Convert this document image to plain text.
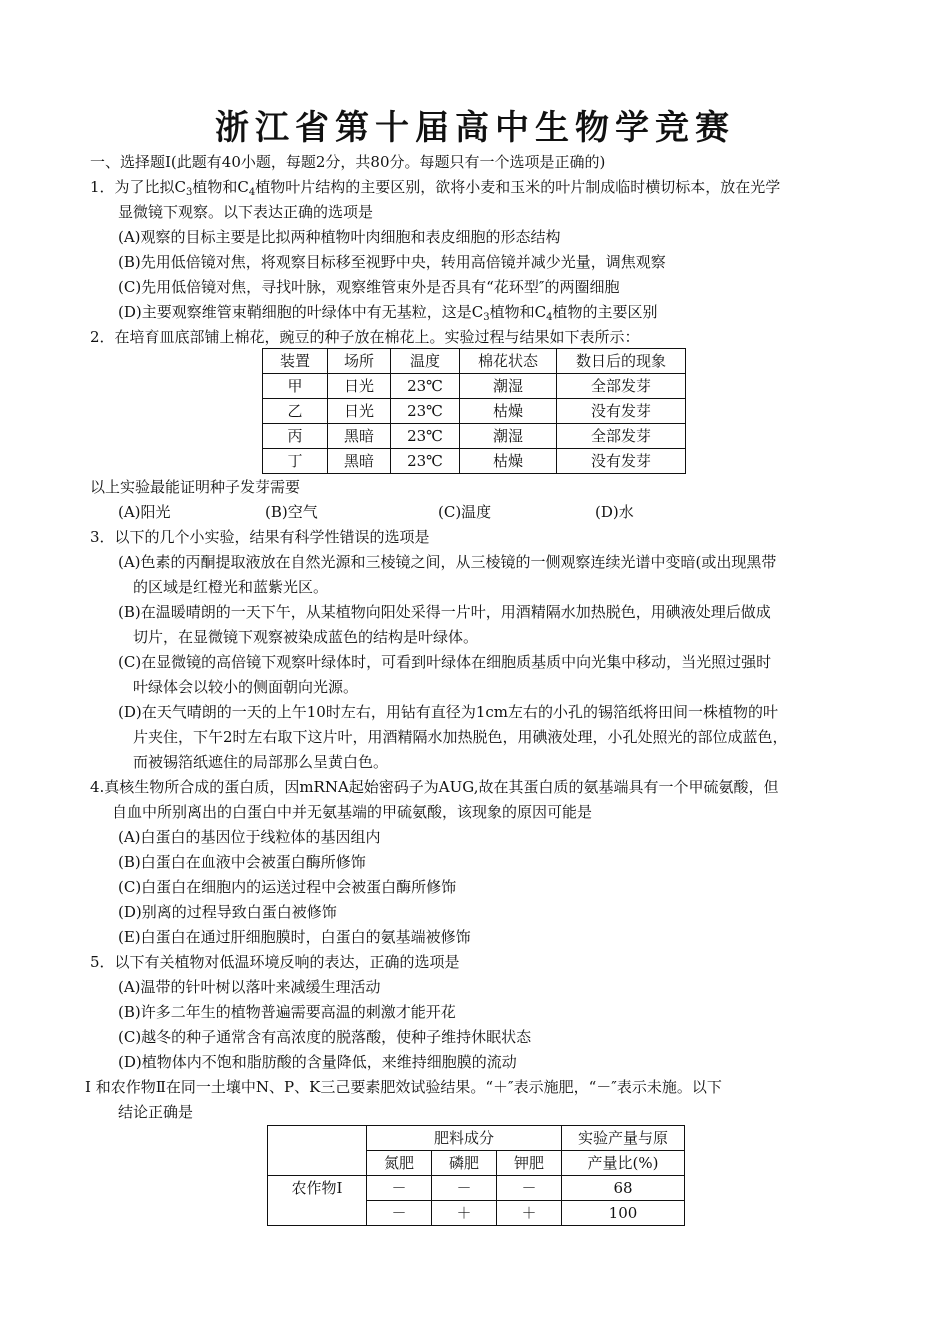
浙江省第十届高中生物学竞赛
一、选择题Ⅰ(此题有40小题，每题2分，共80分。每题只有一个选项是正确的)
1．为了比拟$C_3$植物和$C_4$植物叶片结构的主要区别，欲将小麦和玉米的叶片制成临时横切标本，放在光学
显微镜下观察。以下表达正确的选项是
(A)观察的目标主要是比拟两种植物叶肉细胞和表皮细胞的形态结构
(B)先用低倍镜对焦，将观察目标移至视野中央，转用高倍镜并减少光量，调焦观察
(C)先用低倍镜对焦，寻找叶脉，观察维管束外是否具有“花环型″的两圈细胞
(D)主要观察维管束鞘细胞的叶绿体中有无基粒，这是$C_3$植物和$C_4$植物的主要区别
2．在培育皿底部铺上棉花，豌豆的种子放在棉花上。实验过程与结果如下表所示：
以上实验最能证明种子发芽需要
(A)阳光	(B)空气	(C)温度	(D)水
3．以下的几个小实验，结果有科学性错误的选项是
(A)色素的丙酮提取液放在自然光源和三棱镜之间，从三棱镜的一侧观察连续光谱中变暗(或出现黑带
的区域是红橙光和蓝紫光区。
(B)在温暖晴朗的一天下午，从某植物向阳处采得一片叶，用酒精隔水加热脱色，用碘液处理后做成
切片，在显微镜下观察被染成蓝色的结构是叶绿体。
(C)在显微镜的高倍镜下观察叶绿体时，可看到叶绿体在细胞质基质中向光集中移动，当光照过强时
叶绿体会以较小的侧面朝向光源。
(D)在天气晴朗的一天的上午10时左右，用钻有直径为1cm左右的小孔的锡箔纸将田间一株植物的叶
片夹住，下午2时左右取下这片叶，用酒精隔水加热脱色，用碘液处理，小孔处照光的部位成蓝色，
而被锡箔纸遮住的局部那么呈黄白色。
4.真核生物所合成的蛋白质，因mRNA起始密码子为AUG,故在其蛋白质的氨基端具有一个甲硫氨酸，但
自血中所别离出的白蛋白中并无氨基端的甲硫氨酸，该现象的原因可能是
(A)白蛋白的基因位于线粒体的基因组内
(B)白蛋白在血液中会被蛋白酶所修饰
(C)白蛋白在细胞内的运送过程中会被蛋白酶所修饰
(D)别离的过程导致白蛋白被修饰
(E)白蛋白在通过肝细胞膜时，白蛋白的氨基端被修饰
5．以下有关植物对低温环境反响的表达，正确的选项是
(A)温带的针叶树以落叶来减缓生理活动
(B)许多二年生的植物普遍需要高温的刺激才能开花
(C)越冬的种子通常含有高浓度的脱落酸，使种子维持休眠状态
(D)植物体内不饱和脂肪酸的含量降低，来维持细胞膜的流动
Ⅰ 和农作物Ⅱ在同一土壤中N、P、K三己要素肥效试验结果。“＋″表示施肥，“－″表示未施。以下
结论正确是
装置	场所	温度	棉花状态	数日后的现象
甲	日光	23℃	潮湿	全部发芽
乙	日光	23℃	枯燥	没有发芽
丙	黑暗	23℃	潮湿	全部发芽
丁	黑暗	23℃	枯燥	没有发芽
	肥料成分			实验产量与原
	氮肥	磷肥	钾肥	产量比(%)
农作物Ⅰ	－	－	－	68
	－	＋	＋	100
